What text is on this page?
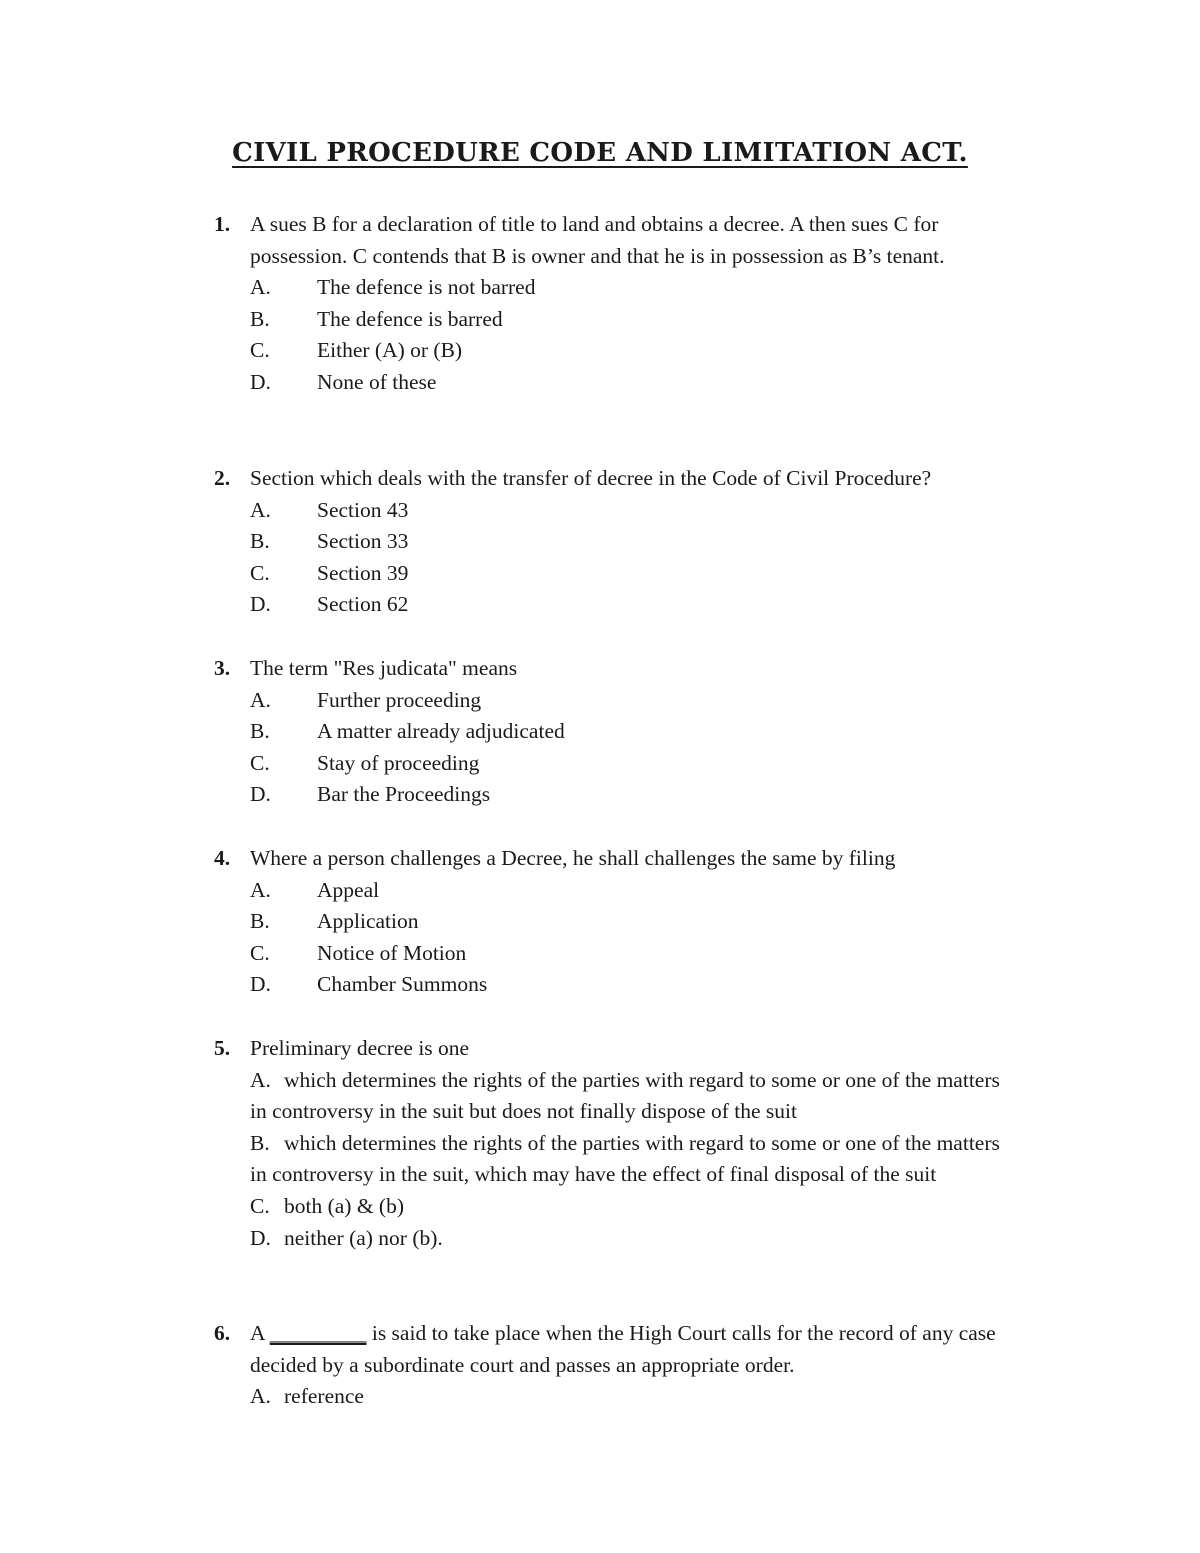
CIVIL PROCEDURE CODE AND LIMITATION ACT.
1. A sues B for a declaration of title to land and obtains a decree. A then sues C for possession. C contends that B is owner and that he is in possession as B’s tenant.
A.	The defence is not barred
B.	The defence is barred
C.	Either (A) or (B)
D.	None of these
2. Section which deals with the transfer of decree in the Code of Civil Procedure?
A.	Section 43
B.	Section 33
C.	Section 39
D.	Section 62
3. The term "Res judicata" means
A.	Further proceeding
B.	A matter already adjudicated
C.	Stay of proceeding
D.	Bar the Proceedings
4. Where a person challenges a Decree, he shall challenges the same by filing
A.	Appeal
B.	Application
C.	Notice of Motion
D.	Chamber Summons
5. Preliminary decree is one
A. which determines the rights of the parties with regard to some or one of the matters in controversy in the suit but does not finally dispose of the suit
B. which determines the rights of the parties with regard to some or one of the matters in controversy in the suit, which may have the effect of final disposal of the suit
C. both (a) & (b)
D. neither (a) nor (b).
6. A _________ is said to take place when the High Court calls for the record of any case decided by a subordinate court and passes an appropriate order.
A. reference
